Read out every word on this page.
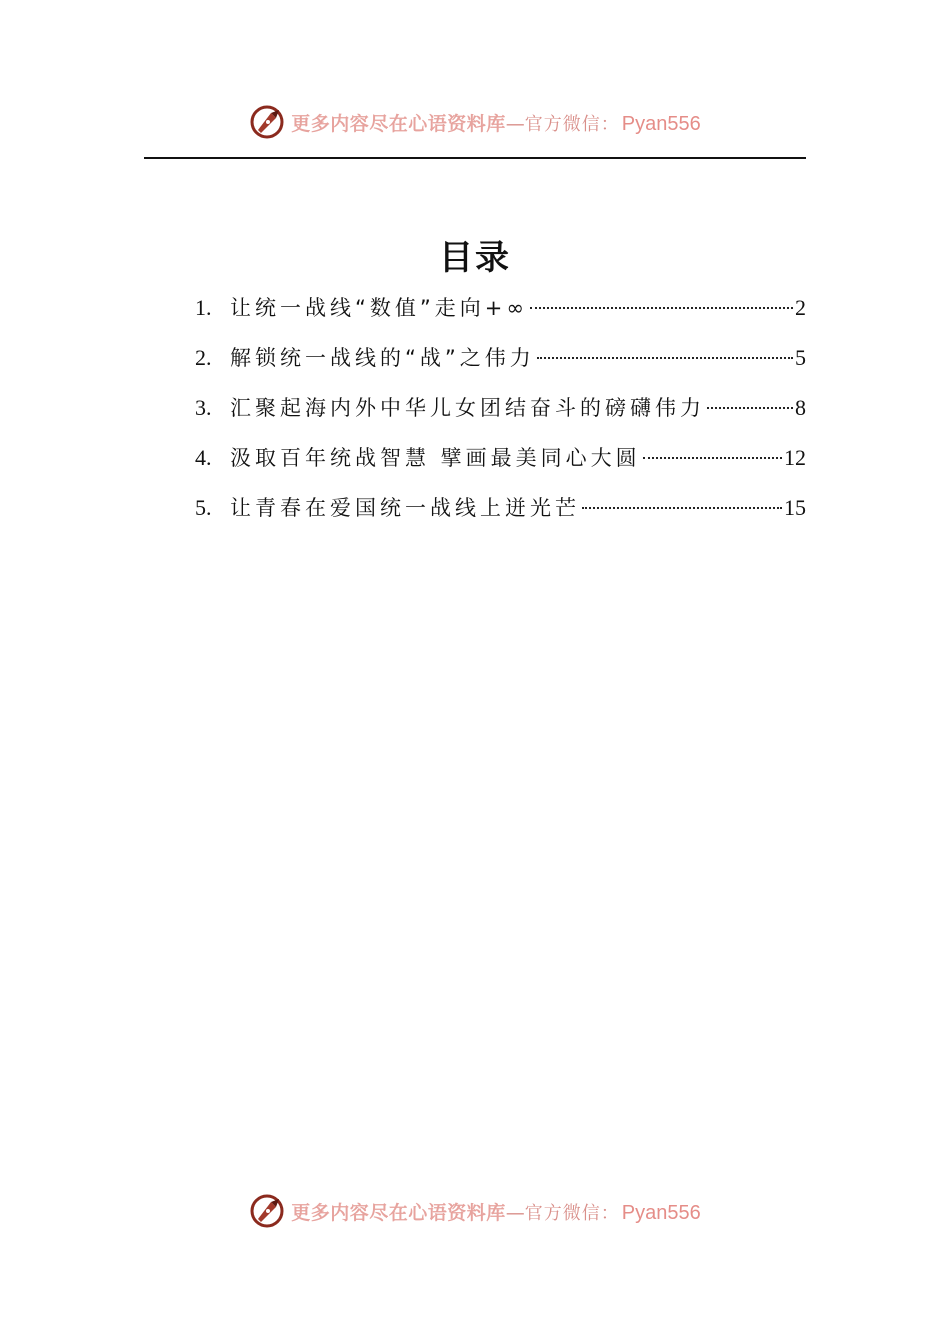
更多内容尽在心语资料库 — 官方微信： Pyan556
目录
1. 让统一战线“数值”走向+∞	2
2. 解锁统一战线的“战”之伟力	5
3. 汇聚起海内外中华儿女团结奋斗的磅礴伟力	8
4. 汲取百年统战智慧 擘画最美同心大圆	12
5. 让青春在爱国统一战线上迸光芒	15
更多内容尽在心语资料库 — 官方微信： Pyan556
